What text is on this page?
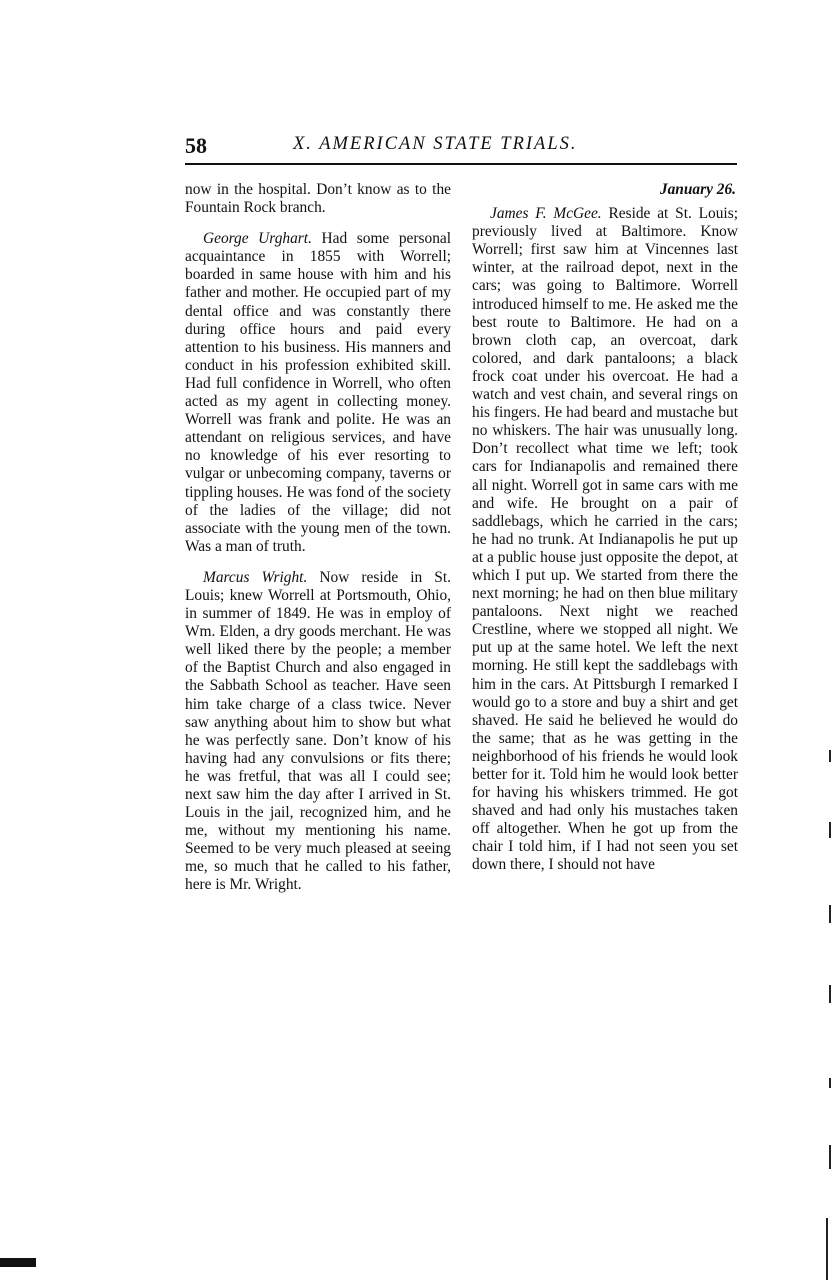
58	X. AMERICAN STATE TRIALS.

now in the hospital. Don’t know as to the Fountain Rock branch.

George Urghart. Had some personal acquaintance in 1855 with Worrell; boarded in same house with him and his father and mother. He occupied part of my dental office and was constantly there during office hours and paid every attention to his business. His manners and conduct in his profession exhibited skill. Had full confidence in Worrell, who often acted as my agent in collecting money. Worrell was frank and polite. He was an attendant on religious services, and have no knowledge of his ever resorting to vulgar or unbecoming company, taverns or tippling houses. He was fond of the society of the ladies of the village; did not associate with the young men of the town. Was a man of truth.

Marcus Wright. Now reside in St. Louis; knew Worrell at Portsmouth, Ohio, in summer of 1849. He was in employ of Wm. Elden, a dry goods merchant. He was well liked there by the people; a member of the Baptist Church and also engaged in the Sabbath School as teacher. Have seen him take charge of a class twice. Never saw anything about him to show but what he was perfectly sane. Don’t know of his having had any convulsions or fits there; he was fretful, that was all I could see; next saw him the day after I arrived in St. Louis in the jail, recognized him, and he me, without my mentioning his name. Seemed to be very much pleased at seeing me, so much that he called to his father, here is Mr. Wright.

January 26.

James F. McGee. Reside at St. Louis; previously lived at Baltimore. Know Worrell; first saw him at Vincennes last winter, at the railroad depot, next in the cars; was going to Baltimore. Worrell introduced himself to me. He asked me the best route to Baltimore. He had on a brown cloth cap, an overcoat, dark colored, and dark pantaloons; a black frock coat under his overcoat. He had a watch and vest chain, and several rings on his fingers. He had beard and mustache but no whiskers. The hair was unusually long. Don’t recollect what time we left; took cars for Indianapolis and remained there all night. Worrell got in same cars with me and wife. He brought on a pair of saddlebags, which he carried in the cars; he had no trunk. At Indianapolis he put up at a public house just opposite the depot, at which I put up. We started from there the next morning; he had on then blue military pantaloons. Next night we reached Crestline, where we stopped all night. We put up at the same hotel. We left the next morning. He still kept the saddlebags with him in the cars. At Pittsburgh I remarked I would go to a store and buy a shirt and get shaved. He said he believed he would do the same; that as he was getting in the neighborhood of his friends he would look better for it. Told him he would look better for having his whiskers trimmed. He got shaved and had only his mustaches taken off altogether. When he got up from the chair I told him, if I had not seen you set down there, I should not have
